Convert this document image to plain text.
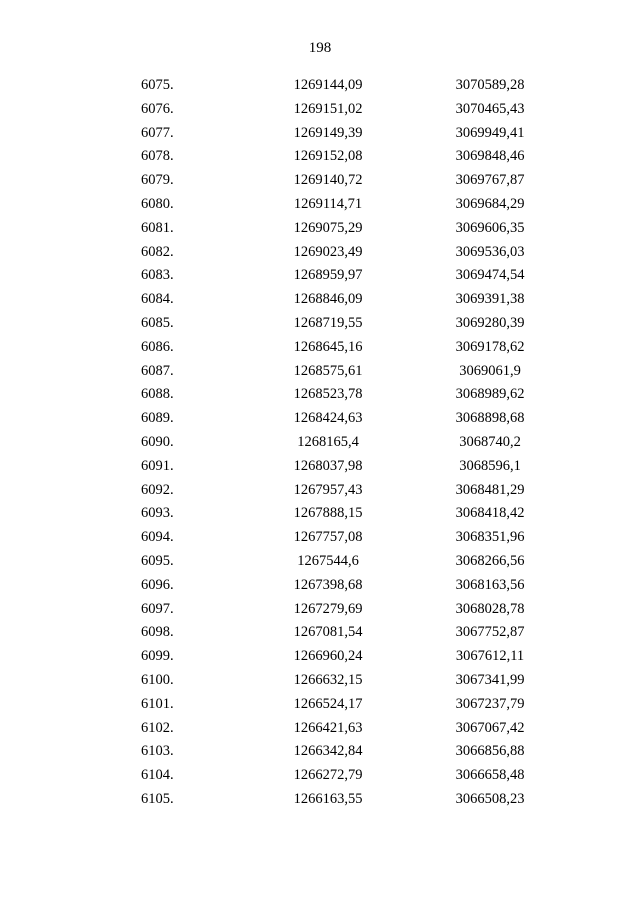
198
6075.	1269144,09	3070589,28
6076.	1269151,02	3070465,43
6077.	1269149,39	3069949,41
6078.	1269152,08	3069848,46
6079.	1269140,72	3069767,87
6080.	1269114,71	3069684,29
6081.	1269075,29	3069606,35
6082.	1269023,49	3069536,03
6083.	1268959,97	3069474,54
6084.	1268846,09	3069391,38
6085.	1268719,55	3069280,39
6086.	1268645,16	3069178,62
6087.	1268575,61	3069061,9
6088.	1268523,78	3068989,62
6089.	1268424,63	3068898,68
6090.	1268165,4	3068740,2
6091.	1268037,98	3068596,1
6092.	1267957,43	3068481,29
6093.	1267888,15	3068418,42
6094.	1267757,08	3068351,96
6095.	1267544,6	3068266,56
6096.	1267398,68	3068163,56
6097.	1267279,69	3068028,78
6098.	1267081,54	3067752,87
6099.	1266960,24	3067612,11
6100.	1266632,15	3067341,99
6101.	1266524,17	3067237,79
6102.	1266421,63	3067067,42
6103.	1266342,84	3066856,88
6104.	1266272,79	3066658,48
6105.	1266163,55	3066508,23
